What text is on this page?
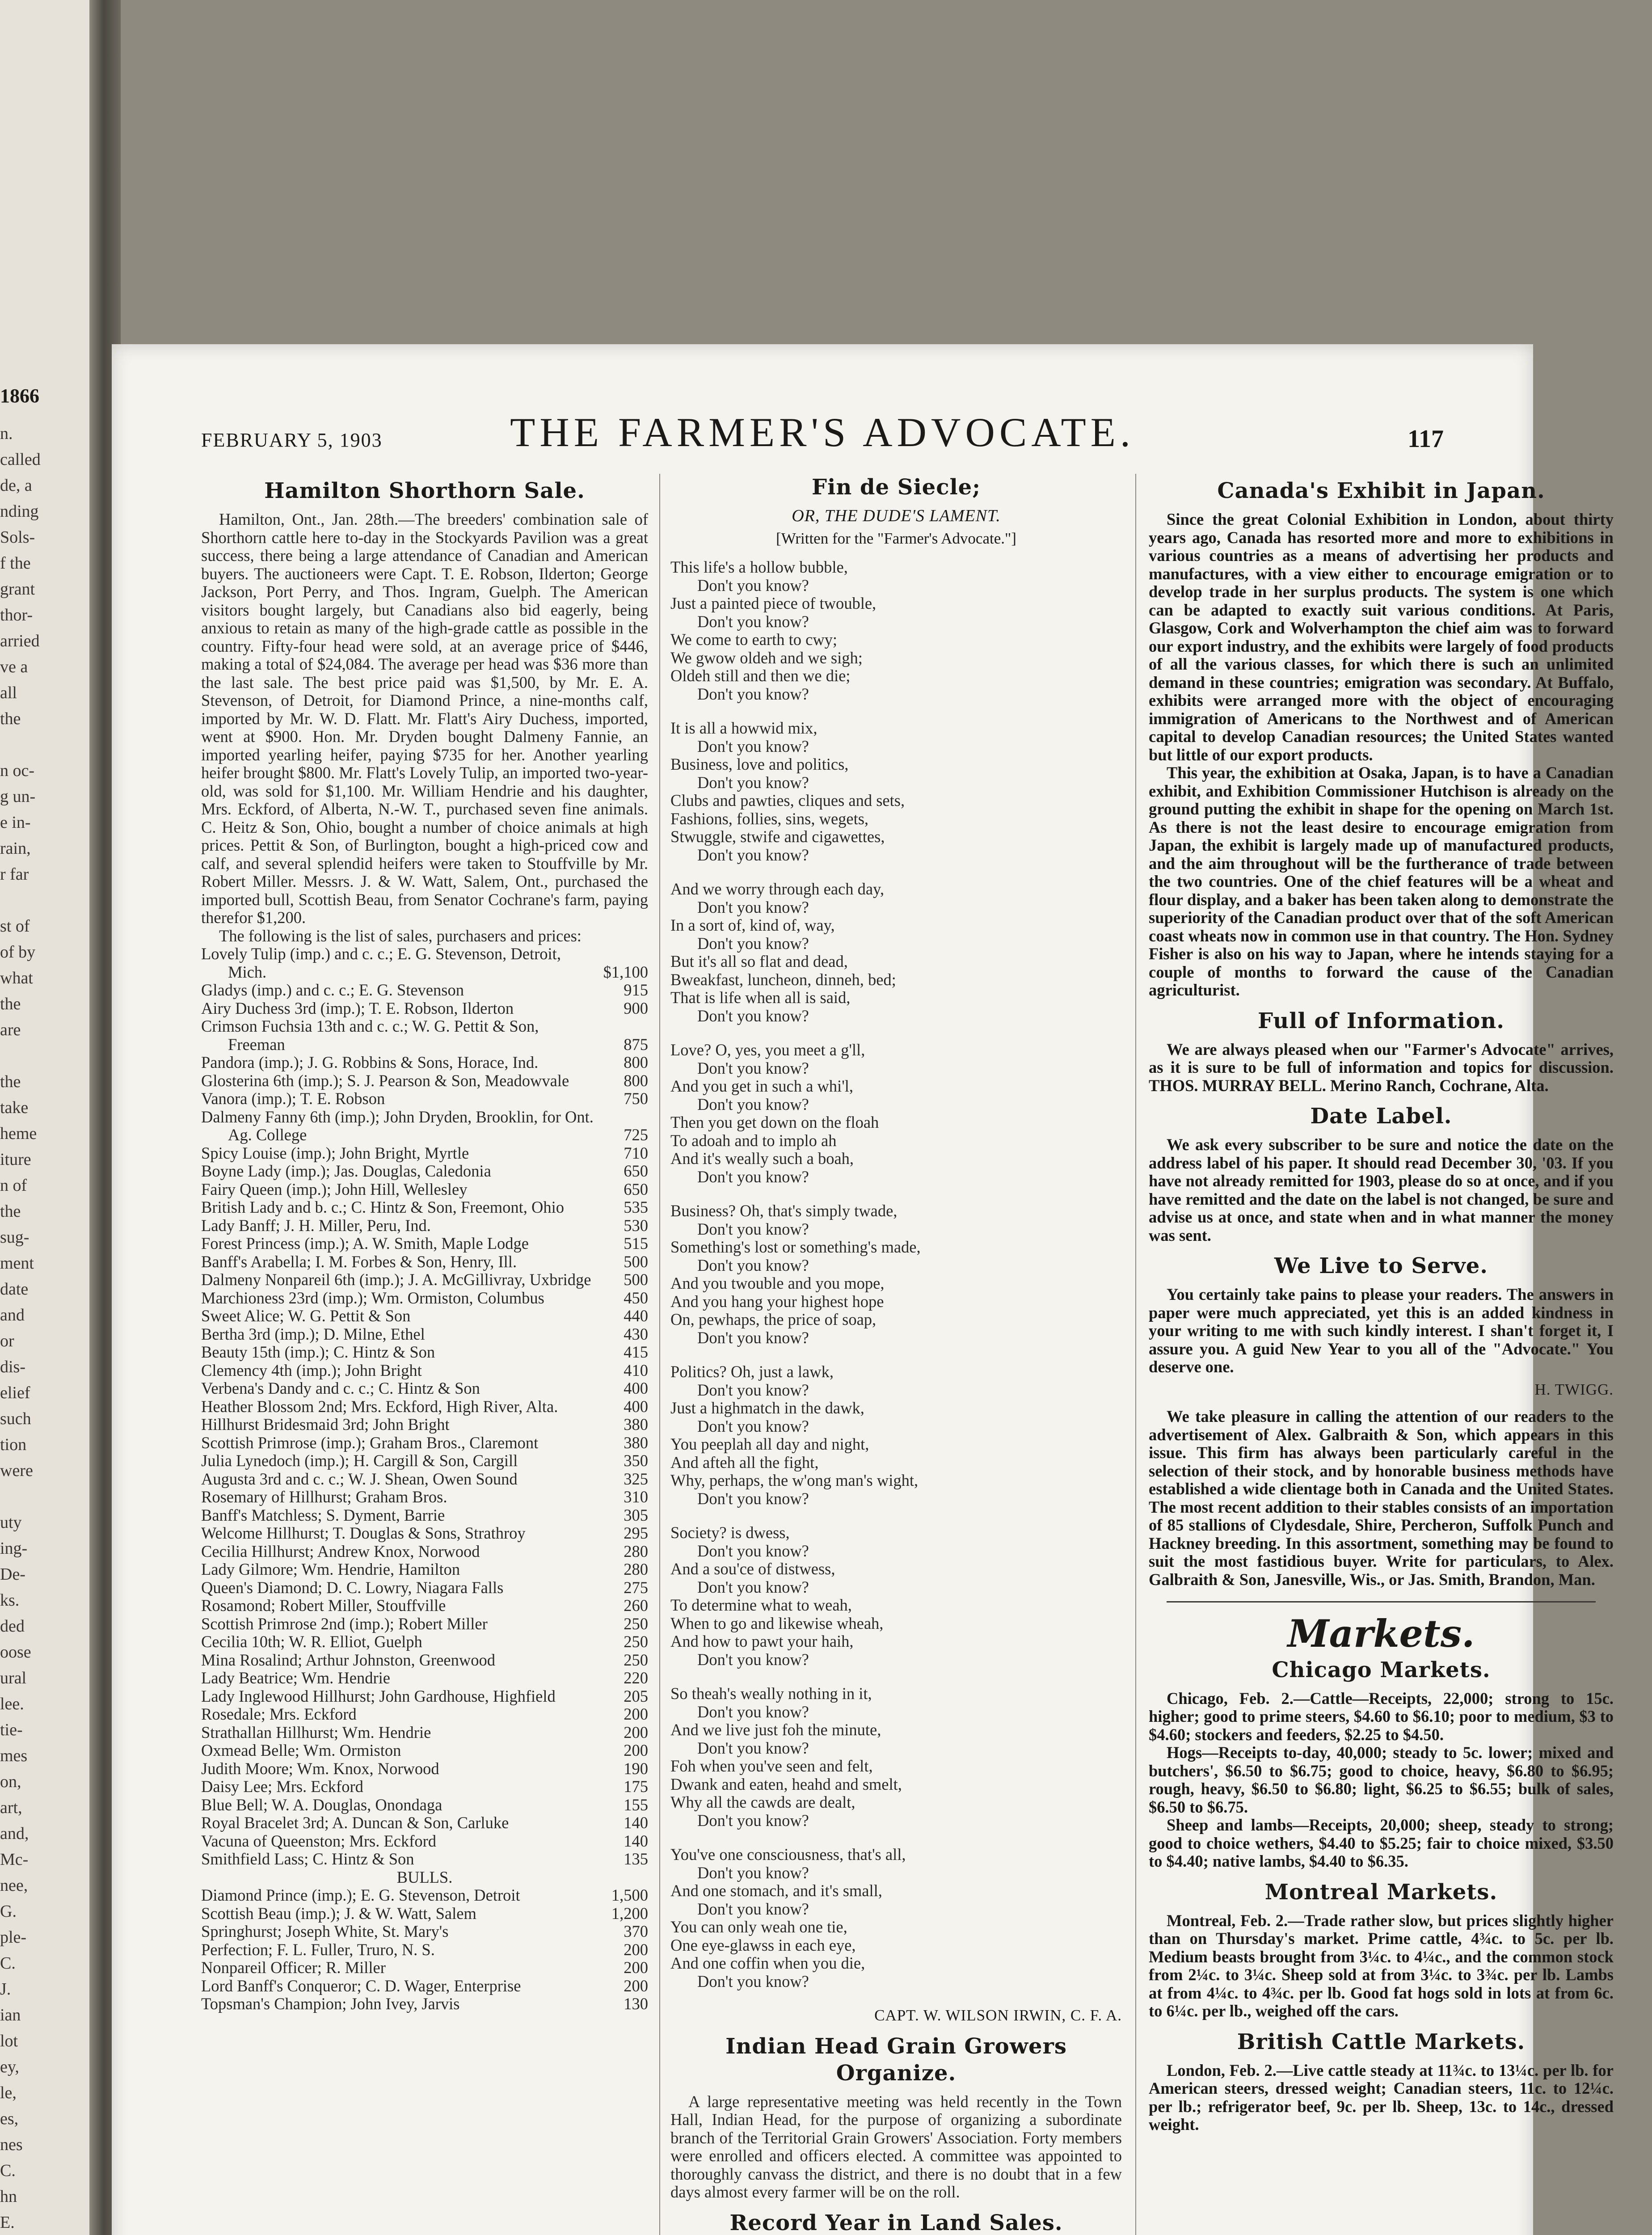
1866
n.
called
de, a
nding
Sols-
f the
grant
thor-
arried
ve a
all
the

n oc-
g un-
e in-
rain,
r far

st of
of by
what
the
are

the
take
heme
iture
n of
the
sug-
ment
date
and
or
dis-
elief
such
tion
were

uty
ing-
De-
ks.
ded
oose
ural
lee.
tie-
mes
on,
art,
and,
Mc-
nee,
G.
ple-
C.
J.
ian
lot
ey,
le,
es,
nes
C.
hn
E.

FEBRUARY 5, 1903	THE FARMER'S ADVOCATE.	117
Hamilton Shorthorn Sale.

Hamilton, Ont., Jan. 28th.—The breeders' combination sale of Shorthorn cattle here to-day in the Stockyards Pavilion was a great success, there being a large attendance of Canadian and American buyers. The auctioneers were Capt. T. E. Robson, Ilderton; George Jackson, Port Perry, and Thos. Ingram, Guelph. The American visitors bought largely, but Canadians also bid eagerly, being anxious to retain as many of the high-grade cattle as possible in the country. Fifty-four head were sold, at an average price of $446, making a total of $24,084. The average per head was $36 more than the last sale. The best price paid was $1,500, by Mr. E. A. Stevenson, of Detroit, for Diamond Prince, a nine-months calf, imported by Mr. W. D. Flatt. Mr. Flatt's Airy Duchess, imported, went at $900. Hon. Mr. Dryden bought Dalmeny Fannie, an imported yearling heifer, paying $735 for her. Another yearling heifer brought $800. Mr. Flatt's Lovely Tulip, an imported two-year-old, was sold for $1,100. Mr. William Hendrie and his daughter, Mrs. Eckford, of Alberta, N.-W. T., purchased seven fine animals. C. Heitz & Son, Ohio, bought a number of choice animals at high prices. Pettit & Son, of Burlington, bought a high-priced cow and calf, and several splendid heifers were taken to Stouffville by Mr. Robert Miller. Messrs. J. & W. Watt, Salem, Ont., purchased the imported bull, Scottish Beau, from Senator Cochrane's farm, paying therefor $1,200.

The following is the list of sales, purchasers and prices:

Lovely Tulip (imp.) and c. c.; E. G. Stevenson, Detroit, Mich.	$1,100
Gladys (imp.) and c. c.; E. G. Stevenson	915
Airy Duchess 3rd (imp.); T. E. Robson, Ilderton	900
Crimson Fuchsia 13th and c. c.; W. G. Pettit & Son, Freeman	875
Pandora (imp.); J. G. Robbins & Sons, Horace, Ind.	800
Glosterina 6th (imp.); S. J. Pearson & Son, Meadowvale	800
Vanora (imp.); T. E. Robson	750
Dalmeny Fanny 6th (imp.); John Dryden, Brooklin, for Ont. Ag. College	725
Spicy Louise (imp.); John Bright, Myrtle	710
Boyne Lady (imp.); Jas. Douglas, Caledonia	650
Fairy Queen (imp.); John Hill, Wellesley	650
British Lady and b. c.; C. Hintz & Son, Freemont, Ohio	535
Lady Banff; J. H. Miller, Peru, Ind.	530
Forest Princess (imp.); A. W. Smith, Maple Lodge	515
Banff's Arabella; I. M. Forbes & Son, Henry, Ill.	500
Dalmeny Nonpareil 6th (imp.); J. A. McGillivray, Uxbridge	500
Marchioness 23rd (imp.); Wm. Ormiston, Columbus	450
Sweet Alice; W. G. Pettit & Son	440
Bertha 3rd (imp.); D. Milne, Ethel	430
Beauty 15th (imp.); C. Hintz & Son	415
Clemency 4th (imp.); John Bright	410
Verbena's Dandy and c. c.; C. Hintz & Son	400
Heather Blossom 2nd; Mrs. Eckford, High River, Alta.	400
Hillhurst Bridesmaid 3rd; John Bright	380
Scottish Primrose (imp.); Graham Bros., Claremont	380
Julia Lynedoch (imp.); H. Cargill & Son, Cargill	350
Augusta 3rd and c. c.; W. J. Shean, Owen Sound	325
Rosemary of Hillhurst; Graham Bros.	310
Banff's Matchless; S. Dyment, Barrie	305
Welcome Hillhurst; T. Douglas & Sons, Strathroy	295
Cecilia Hillhurst; Andrew Knox, Norwood	280
Lady Gilmore; Wm. Hendrie, Hamilton	280
Queen's Diamond; D. C. Lowry, Niagara Falls	275
Rosamond; Robert Miller, Stouffville	260
Scottish Primrose 2nd (imp.); Robert Miller	250
Cecilia 10th; W. R. Elliot, Guelph	250
Mina Rosalind; Arthur Johnston, Greenwood	250
Lady Beatrice; Wm. Hendrie	220
Lady Inglewood Hillhurst; John Gardhouse, Highfield	205
Rosedale; Mrs. Eckford	200
Strathallan Hillhurst; Wm. Hendrie	200
Oxmead Belle; Wm. Ormiston	200
Judith Moore; Wm. Knox, Norwood	190
Daisy Lee; Mrs. Eckford	175
Blue Bell; W. A. Douglas, Onondaga	155
Royal Bracelet 3rd; A. Duncan & Son, Carluke	140
Vacuna of Queenston; Mrs. Eckford	140
Smithfield Lass; C. Hintz & Son	135

BULLS.

Diamond Prince (imp.); E. G. Stevenson, Detroit	1,500
Scottish Beau (imp.); J. & W. Watt, Salem	1,200
Springhurst; Joseph White, St. Mary's	370
Perfection; F. L. Fuller, Truro, N. S.	200
Nonpareil Officer; R. Miller	200
Lord Banff's Conqueror; C. D. Wager, Enterprise	200
Topsman's Champion; John Ivey, Jarvis	130
Fin de Siecle;
OR, THE DUDE'S LAMENT.
[Written for the "Farmer's Advocate."]
This life's a hollow bubble,
Don't you know?
Just a painted piece of twouble,
Don't you know?
We come to earth to cwy;
We gwow oldeh and we sigh;
Oldeh still and then we die;
Don't you know?
It is all a howwid mix,
Don't you know?
Business, love and politics,
Don't you know?
Clubs and pawties, cliques and sets,
Fashions, follies, sins, wegets,
Stwuggle, stwife and cigawettes,
Don't you know?
And we worry through each day,
Don't you know?
In a sort of, kind of, way,
Don't you know?
But it's all so flat and dead,
Bweakfast, luncheon, dinneh, bed;
That is life when all is said,
Don't you know?
Love? O, yes, you meet a g'll,
Don't you know?
And you get in such a whi'l,
Don't you know?
Then you get down on the floah
To adoah and to implo ah
And it's weally such a boah,
Don't you know?
Business? Oh, that's simply twade,
Don't you know?
Something's lost or something's made,
Don't you know?
And you twouble and you mope,
And you hang your highest hope
On, pewhaps, the price of soap,
Don't you know?
Politics? Oh, just a lawk,
Don't you know?
Just a highmatch in the dawk,
Don't you know?
You peeplah all day and night,
And afteh all the fight,
Why, perhaps, the w'ong man's wight,
Don't you know?
Society? is dwess,
Don't you know?
And a sou'ce of distwess,
Don't you know?
To determine what to weah,
When to go and likewise wheah,
And how to pawt your haih,
Don't you know?
So theah's weally nothing in it,
Don't you know?
And we live just foh the minute,
Don't you know?
Foh when you've seen and felt,
Dwank and eaten, heahd and smelt,
Why all the cawds are dealt,
Don't you know?
You've one consciousness, that's all,
Don't you know?
And one stomach, and it's small,
Don't you know?
You can only weah one tie,
One eye-glawss in each eye,
And one coffin when you die,
Don't you know?
CAPT. W. WILSON IRWIN, C. F. A.
Indian Head Grain Growers Organize.

A large representative meeting was held recently in the Town Hall, Indian Head, for the purpose of organizing a subordinate branch of the Territorial Grain Growers' Association. Forty members were enrolled and officers elected. A committee was appointed to thoroughly canvass the district, and there is no doubt that in a few days almost every farmer will be on the roll.

Record Year in Land Sales.

Canada's Exhibit in Japan.

Since the great Colonial Exhibition in London, about thirty years ago, Canada has resorted more and more to exhibitions in various countries as a means of advertising her products and manufactures, with a view either to encourage emigration or to develop trade in her surplus products. The system is one which can be adapted to exactly suit various conditions. At Paris, Glasgow, Cork and Wolverhampton the chief aim was to forward our export industry, and the exhibits were largely of food products of all the various classes, for which there is such an unlimited demand in these countries; emigration was secondary. At Buffalo, exhibits were arranged more with the object of encouraging immigration of Americans to the Northwest and of American capital to develop Canadian resources; the United States wanted but little of our export products.

This year, the exhibition at Osaka, Japan, is to have a Canadian exhibit, and Exhibition Commissioner Hutchison is already on the ground putting the exhibit in shape for the opening on March 1st. As there is not the least desire to encourage emigration from Japan, the exhibit is largely made up of manufactured products, and the aim throughout will be the furtherance of trade between the two countries. One of the chief features will be a wheat and flour display, and a baker has been taken along to demonstrate the superiority of the Canadian product over that of the soft American coast wheats now in common use in that country. The Hon. Sydney Fisher is also on his way to Japan, where he intends staying for a couple of months to forward the cause of the Canadian agriculturist.

Full of Information.

We are always pleased when our "Farmer's Advocate" arrives, as it is sure to be full of information and topics for discussion. THOS. MURRAY BELL. Merino Ranch, Cochrane, Alta.

Date Label.

We ask every subscriber to be sure and notice the date on the address label of his paper. It should read December 30, '03. If you have not already remitted for 1903, please do so at once, and if you have remitted and the date on the label is not changed, be sure and advise us at once, and state when and in what manner the money was sent.

We Live to Serve.

You certainly take pains to please your readers. The answers in paper were much appreciated, yet this is an added kindness in your writing to me with such kindly interest. I shan't forget it, I assure you. A guid New Year to you all of the "Advocate." You deserve one.

H. TWIGG.

We take pleasure in calling the attention of our readers to the advertisement of Alex. Galbraith & Son, which appears in this issue. This firm has always been particularly careful in the selection of their stock, and by honorable business methods have established a wide clientage both in Canada and the United States. The most recent addition to their stables consists of an importation of 85 stallions of Clydesdale, Shire, Percheron, Suffolk Punch and Hackney breeding. In this assortment, something may be found to suit the most fastidious buyer. Write for particulars, to Alex. Galbraith & Son, Janesville, Wis., or Jas. Smith, Brandon, Man.

Markets.
Chicago Markets.

Chicago, Feb. 2.—Cattle—Receipts, 22,000; strong to 15c. higher; good to prime steers, $4.60 to $6.10; poor to medium, $3 to $4.60; stockers and feeders, $2.25 to $4.50.

Hogs—Receipts to-day, 40,000; steady to 5c. lower; mixed and butchers', $6.50 to $6.75; good to choice, heavy, $6.80 to $6.95; rough, heavy, $6.50 to $6.80; light, $6.25 to $6.55; bulk of sales, $6.50 to $6.75.

Sheep and lambs—Receipts, 20,000; sheep, steady to strong; good to choice wethers, $4.40 to $5.25; fair to choice mixed, $3.50 to $4.40; native lambs, $4.40 to $6.35.

Montreal Markets.

Montreal, Feb. 2.—Trade rather slow, but prices slightly higher than on Thursday's market. Prime cattle, 4¾c. to 5c. per lb. Medium beasts brought from 3¼c. to 4¼c., and the common stock from 2¼c. to 3¼c. Sheep sold at from 3¼c. to 3¾c. per lb. Lambs at from 4¼c. to 4¾c. per lb. Good fat hogs sold in lots at from 6c. to 6¼c. per lb., weighed off the cars.

British Cattle Markets.

London, Feb. 2.—Live cattle steady at 11¾c. to 13¼c. per lb. for American steers, dressed weight; Canadian steers, 11c. to 12¼c. per lb.; refrigerator beef, 9c. per lb. Sheep, 13c. to 14c., dressed weight.
